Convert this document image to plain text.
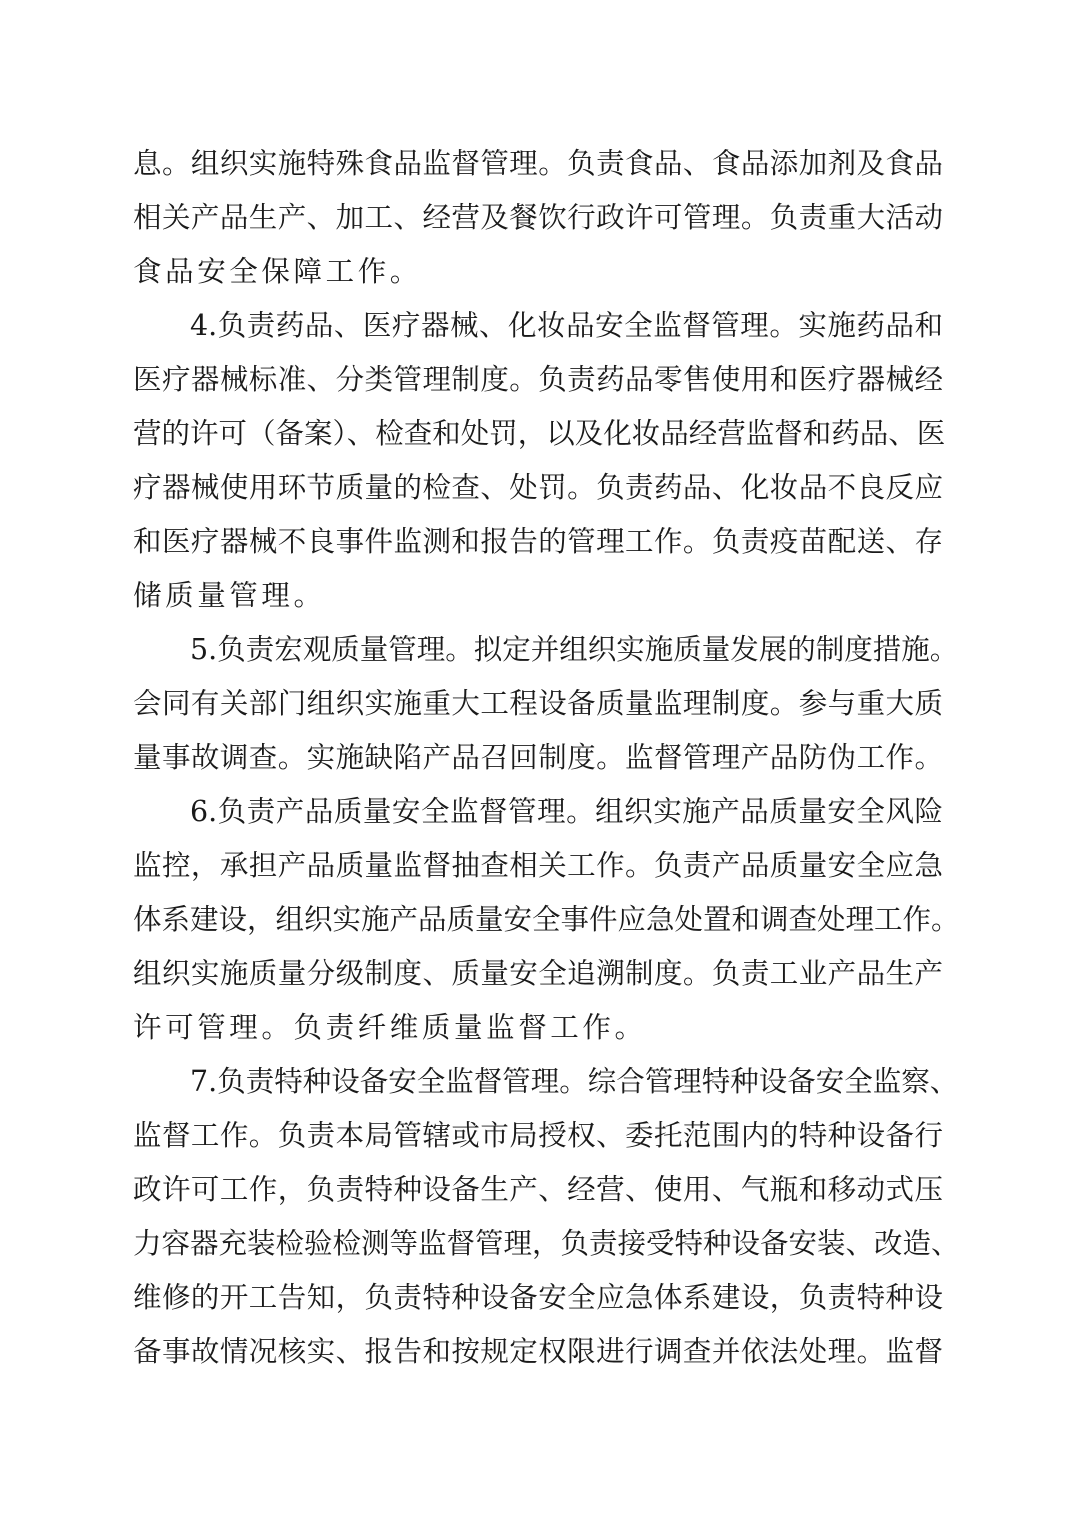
息。组织实施特殊食品监督管理。负责食品、食品添加剂及食品
相关产品生产、加工、经营及餐饮行政许可管理。负责重大活动
食品安全保障工作。
4.负责药品、医疗器械、化妆品安全监督管理。实施药品和
医疗器械标准、分类管理制度。负责药品零售使用和医疗器械经
营的许可（备案）、检查和处罚，以及化妆品经营监督和药品、医
疗器械使用环节质量的检查、处罚。负责药品、化妆品不良反应
和医疗器械不良事件监测和报告的管理工作。负责疫苗配送、存
储质量管理。
5.负责宏观质量管理。拟定并组织实施质量发展的制度措施。
会同有关部门组织实施重大工程设备质量监理制度。参与重大质
量事故调查。实施缺陷产品召回制度。监督管理产品防伪工作。
6.负责产品质量安全监督管理。组织实施产品质量安全风险
监控，承担产品质量监督抽查相关工作。负责产品质量安全应急
体系建设，组织实施产品质量安全事件应急处置和调查处理工作。
组织实施质量分级制度、质量安全追溯制度。负责工业产品生产
许可管理。负责纤维质量监督工作。
7.负责特种设备安全监督管理。综合管理特种设备安全监察、
监督工作。负责本局管辖或市局授权、委托范围内的特种设备行
政许可工作，负责特种设备生产、经营、使用、气瓶和移动式压
力容器充装检验检测等监督管理，负责接受特种设备安装、改造、
维修的开工告知，负责特种设备安全应急体系建设，负责特种设
备事故情况核实、报告和按规定权限进行调查并依法处理。监督
